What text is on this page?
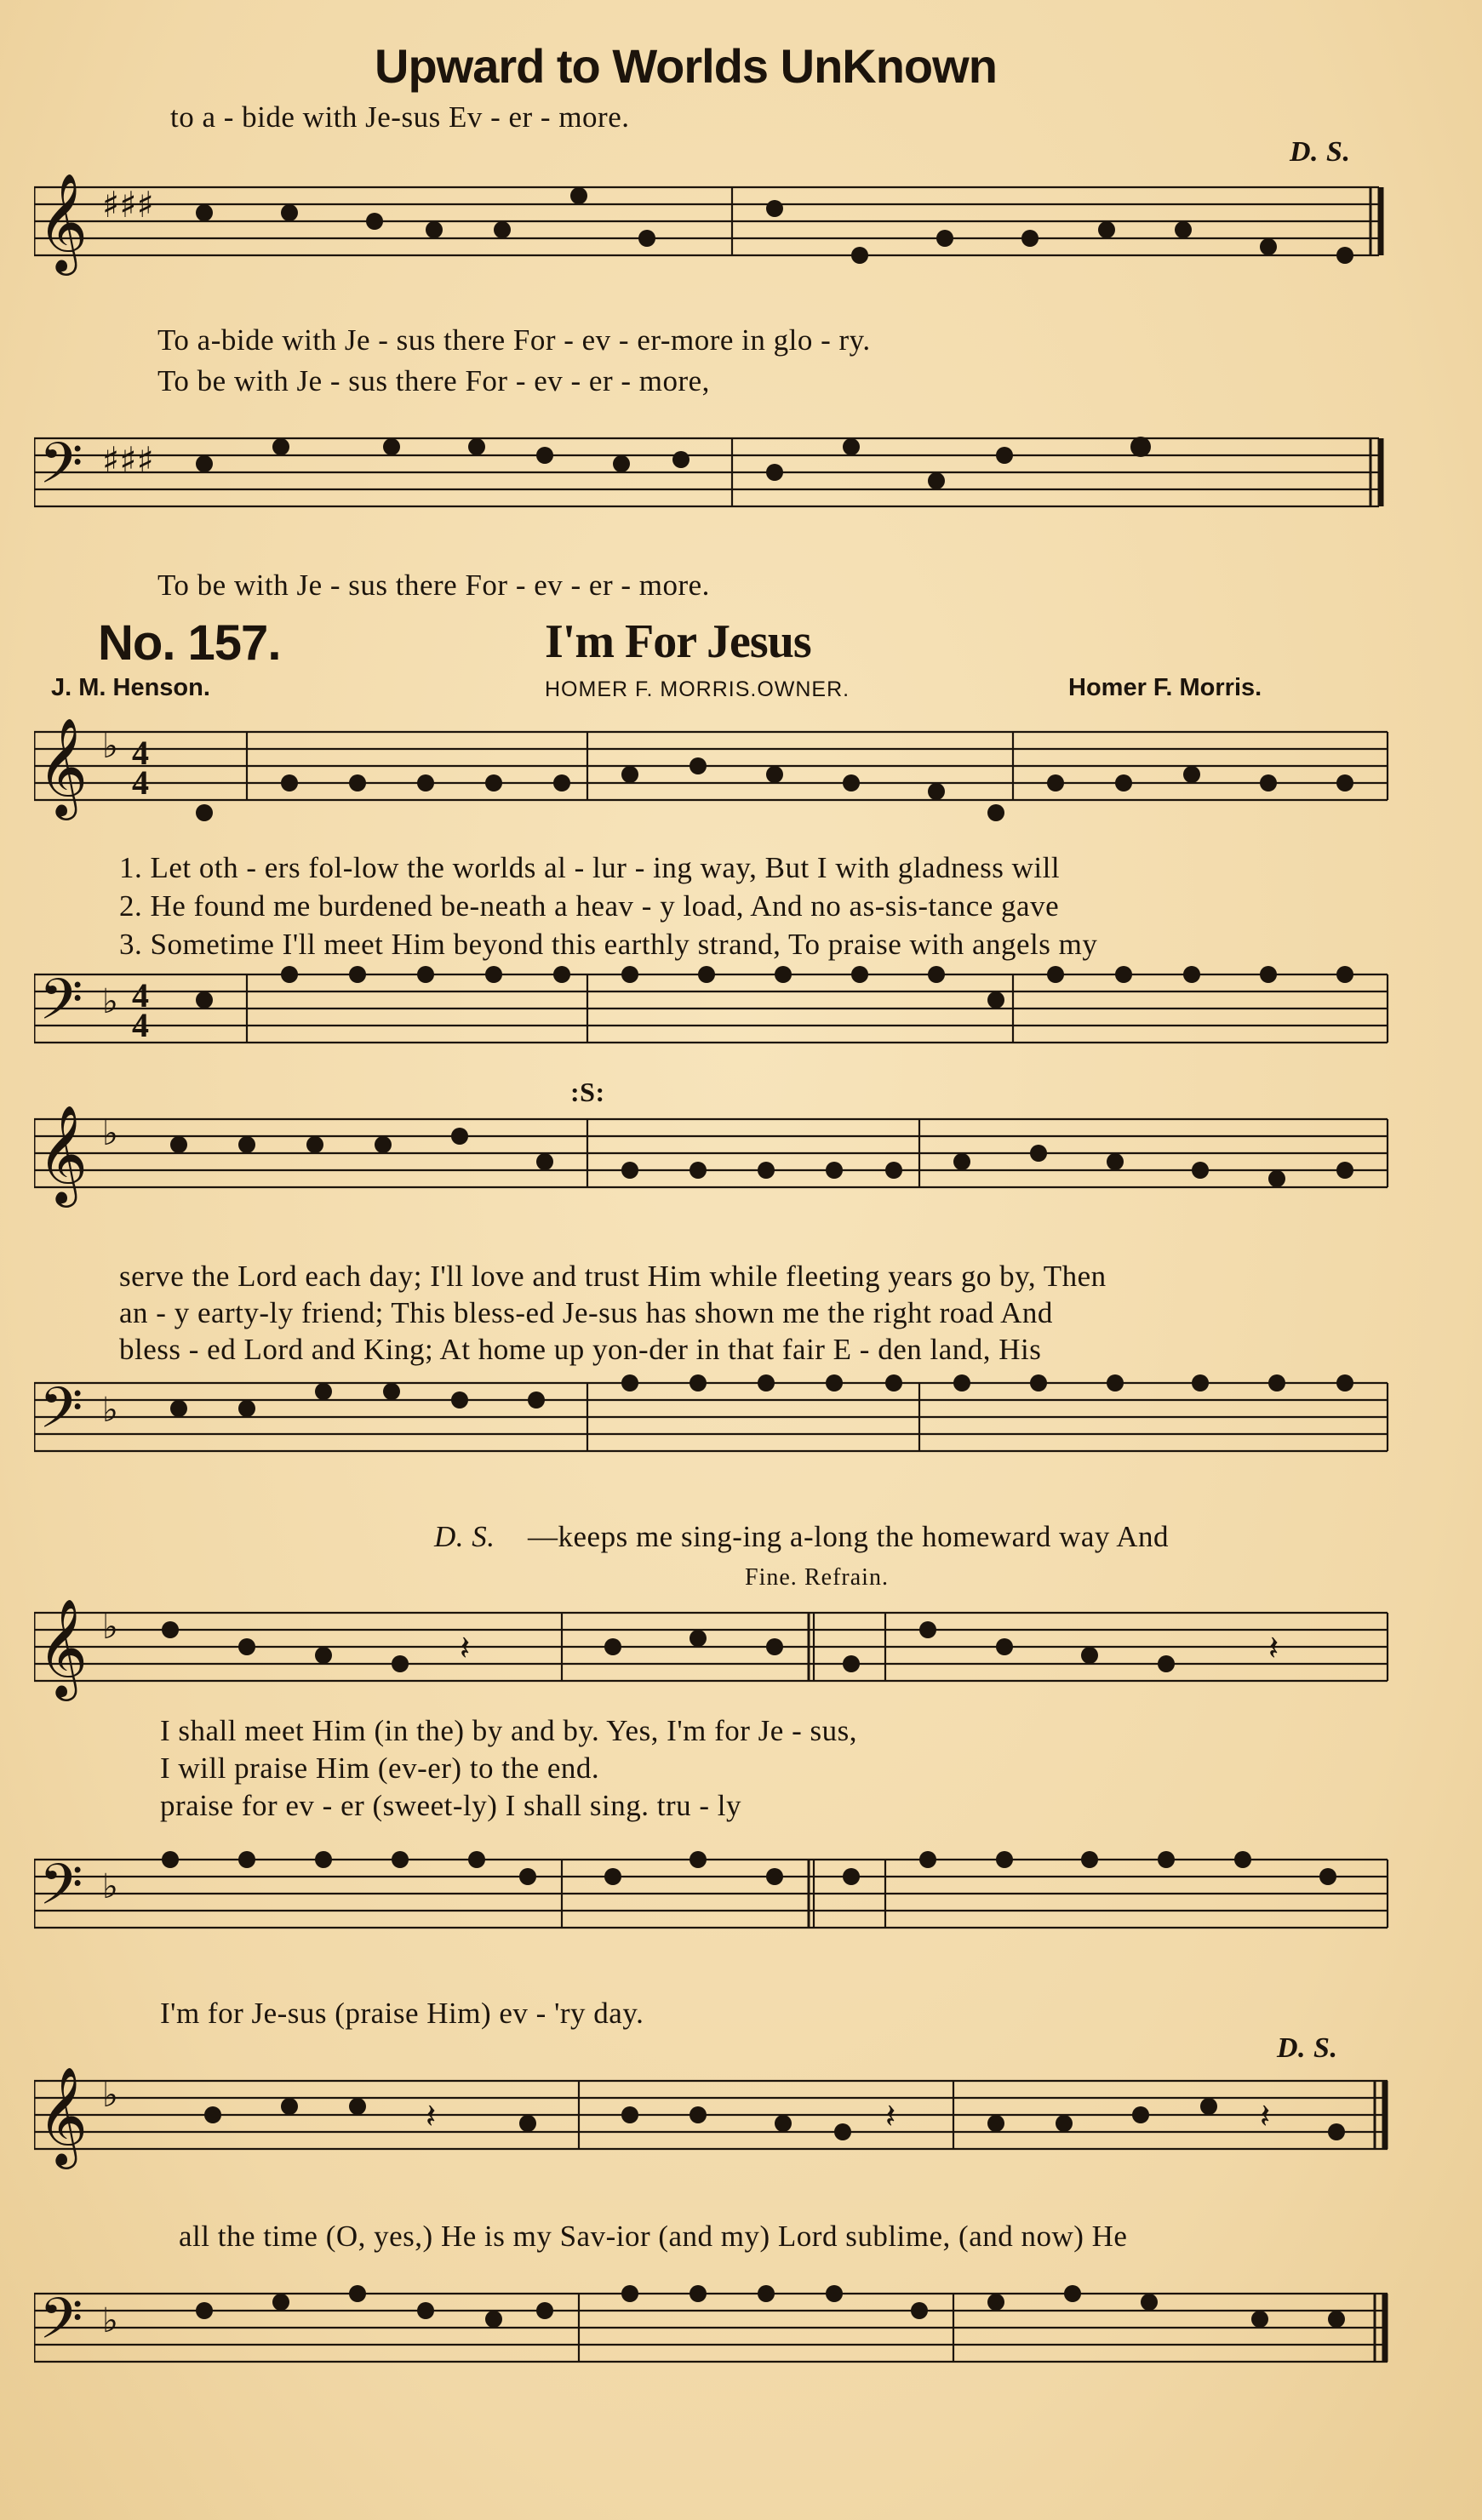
Upward to Worlds UnKnown
to a - bide with Je-sus Ev - er - more.
D. S.
𝄞 ♯♯♯
To a-bide with Je - sus there For - ev - er-more in glo - ry.
To be with Je - sus there For - ev - er - more,
𝄢 ♯♯♯
To be with Je - sus there For - ev - er - more.
No. 157.	I'm For Jesus
J. M. Henson.	HOMER F. MORRIS.OWNER.	Homer F. Morris.
𝄞 ♭ 4
4
1. Let oth - ers fol-low the worlds al - lur - ing way, But I with gladness will
2. He found me burdened be-neath a heav - y load, And no as-sis-tance gave
3. Sometime I'll meet Him beyond this earthly strand, To praise with angels my
𝄢 ♭ 4
4
:S:
𝄞 ♭
serve the Lord each day; I'll love and trust Him while fleeting years go by, Then
an - y earty-ly friend; This bless-ed Je-sus has shown me the right road And
bless - ed Lord and King; At home up yon-der in that fair E - den land, His
𝄢 ♭
D. S. —keeps me sing-ing a-long the homeward way And
Fine. Refrain.
𝄞 ♭
𝄽	𝄽
I shall meet Him (in the) by and by. Yes, I'm for Je - sus,
I will praise Him (ev-er) to the end.
praise for ev - er (sweet-ly) I shall sing. tru - ly
𝄢 ♭
I'm for Je-sus (praise Him) ev - 'ry day.
D. S.
𝄞 ♭
𝄽	𝄽	𝄽
all the time (O, yes,) He is my Sav-ior (and my) Lord sublime, (and now) He
𝄢 ♭
